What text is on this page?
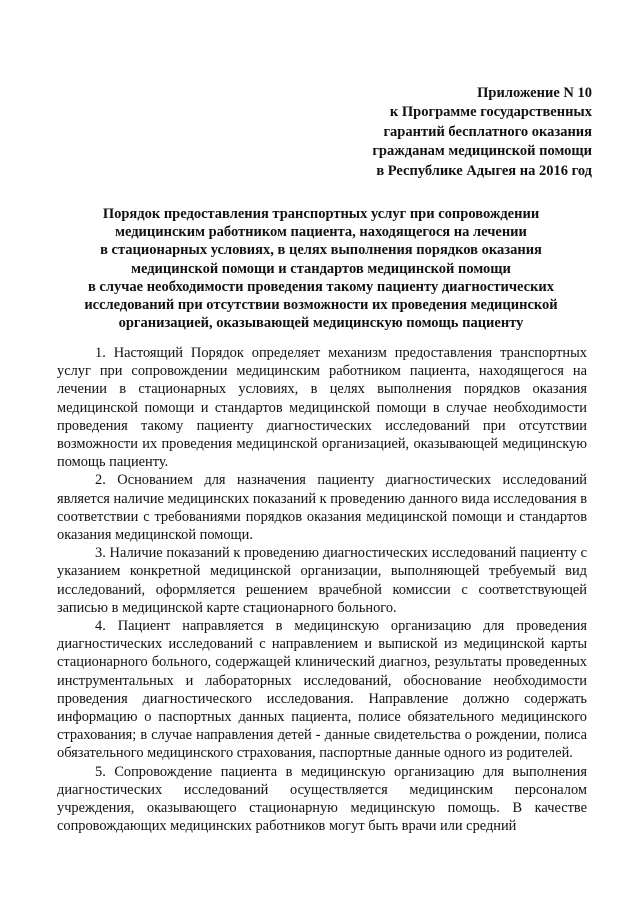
Приложение N 10
к Программе государственных
гарантий бесплатного оказания
гражданам медицинской помощи
в Республике Адыгея на 2016 год
Порядок предоставления транспортных услуг при сопровождении
медицинским работником пациента, находящегося на лечении
в стационарных условиях, в целях выполнения порядков оказания
медицинской помощи и стандартов медицинской помощи
в случае необходимости проведения такому пациенту диагностических
исследований при отсутствии возможности их проведения медицинской
организацией, оказывающей медицинскую помощь пациенту

1. Настоящий Порядок определяет механизм предоставления транспортных услуг при сопровождении медицинским работником пациента, находящегося на лечении в стационарных условиях, в целях выполнения порядков оказания медицинской помощи и стандартов медицинской помощи в случае необходимости проведения такому пациенту диагностических исследований при отсутствии возможности их проведения медицинской организацией, оказывающей медицинскую помощь пациенту.

2. Основанием для назначения пациенту диагностических исследований является наличие медицинских показаний к проведению данного вида исследования в соответствии с требованиями порядков оказания медицинской помощи и стандартов оказания медицинской помощи.

3. Наличие показаний к проведению диагностических исследований пациенту с указанием конкретной медицинской организации, выполняющей требуемый вид исследований, оформляется решением врачебной комиссии с соответствующей записью в медицинской карте стационарного больного.

4. Пациент направляется в медицинскую организацию для проведения диагностических исследований с направлением и выпиской из медицинской карты стационарного больного, содержащей клинический диагноз, результаты проведенных инструментальных и лабораторных исследований, обоснование необходимости проведения диагностического исследования. Направление должно содержать информацию о паспортных данных пациента, полисе обязательного медицинского страхования; в случае направления детей - данные свидетельства о рождении, полиса обязательного медицинского страхования, паспортные данные одного из родителей.

5. Сопровождение пациента в медицинскую организацию для выполнения диагностических исследований осуществляется медицинским персоналом учреждения, оказывающего стационарную медицинскую помощь. В качестве сопровождающих медицинских работников могут быть врачи или средний
